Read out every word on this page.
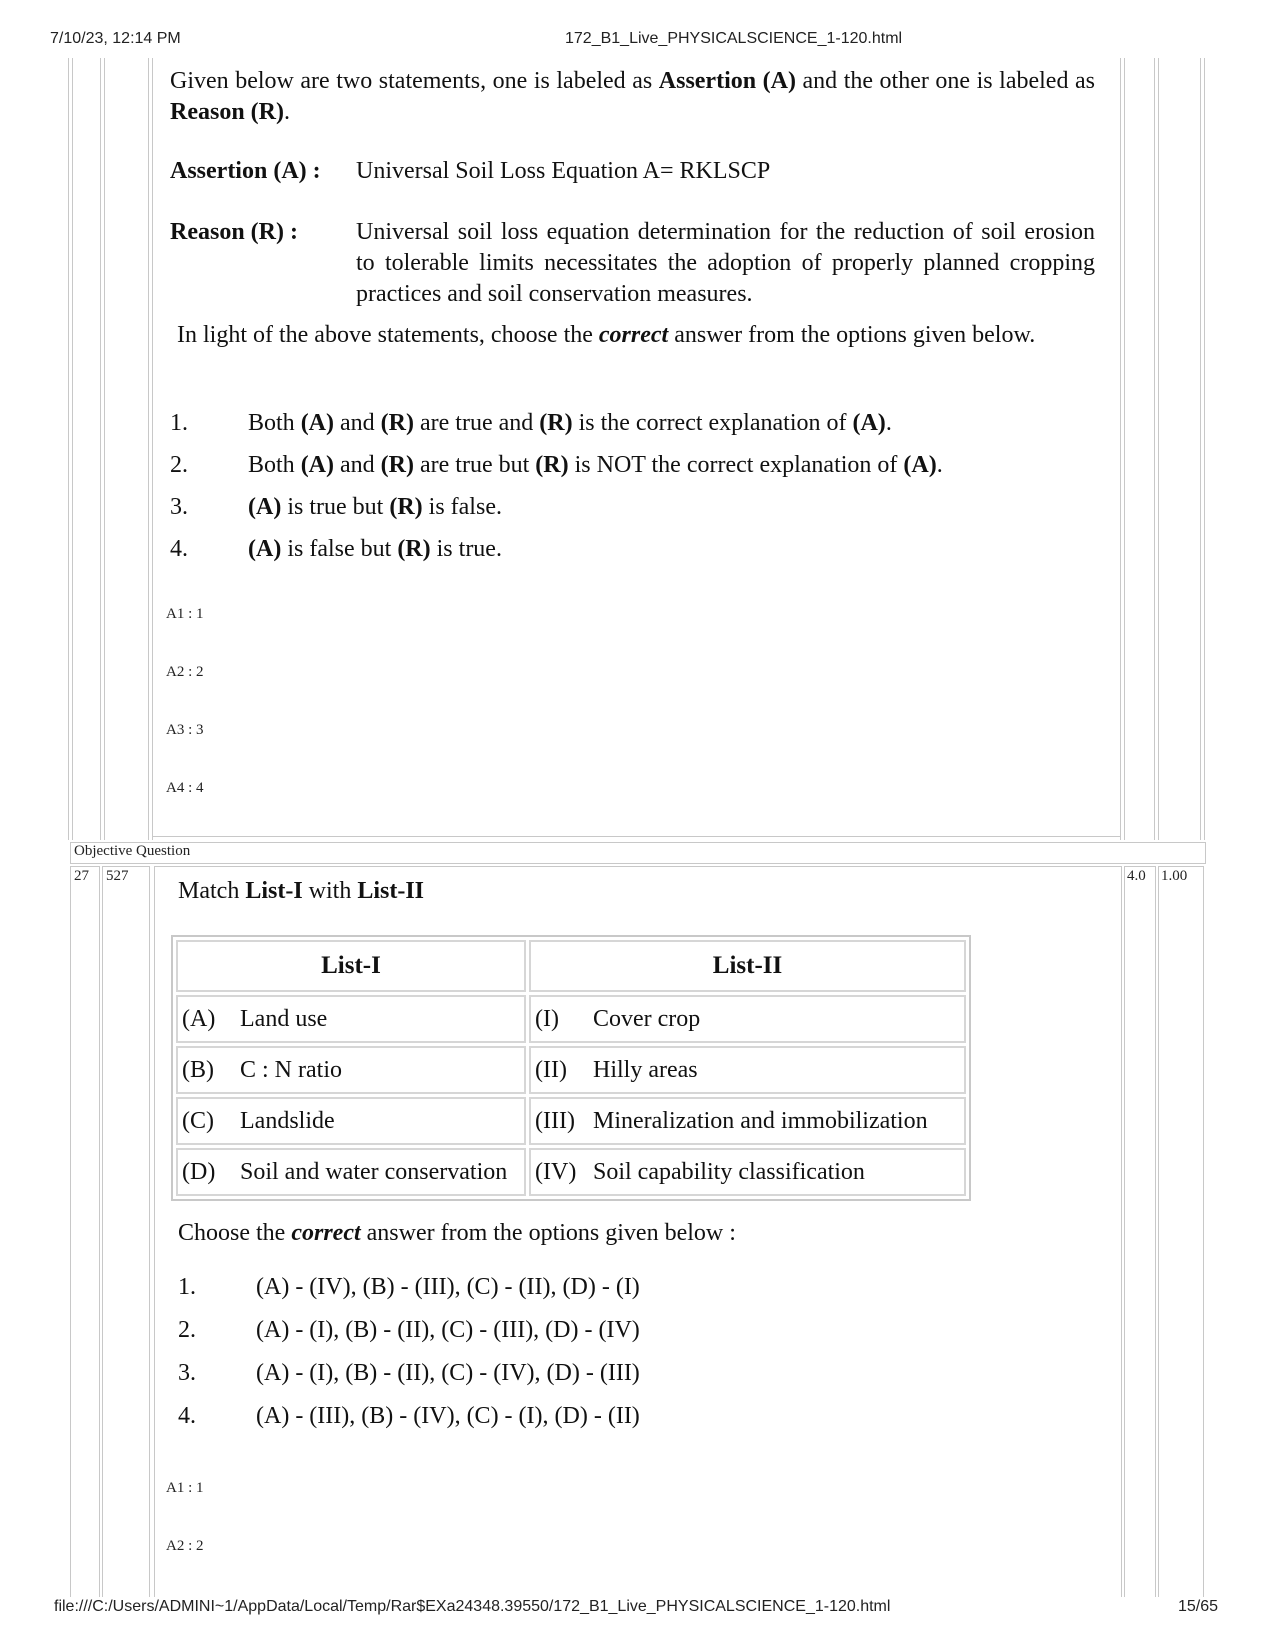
7/10/23, 12:14 PM	172_B1_Live_PHYSICALSCIENCE_1-120.html
Objective Question
27 527	4.0 1.00
Given below are two statements, one is labeled as Assertion (A) and the other one is labeled as Reason (R).
Assertion (A) : Universal Soil Loss Equation A= RKLSCP
Reason (R) : Universal soil loss equation determination for the reduction of soil erosion to tolerable limits necessitates the adoption of properly planned cropping practices and soil conservation measures.
In light of the above statements, choose the correct answer from the options given below.
1.	Both (A) and (R) are true and (R) is the correct explanation of (A).
2.	Both (A) and (R) are true but (R) is NOT the correct explanation of (A).
3.	(A) is true but (R) is false.
4.	(A) is false but (R) is true.
A1 : 1
A2 : 2
A3 : 3
A4 : 4
Match List-I with List-II
List-I	List-II
(A) Land use	(I) Cover crop
(B) C : N ratio	(II) Hilly areas
(C) Landslide	(III) Mineralization and immobilization
(D) Soil and water conservation	(IV) Soil capability classification
Choose the correct answer from the options given below :
1.	(A) - (IV), (B) - (III), (C) - (II), (D) - (I)
2.	(A) - (I), (B) - (II), (C) - (III), (D) - (IV)
3.	(A) - (I), (B) - (II), (C) - (IV), (D) - (III)
4.	(A) - (III), (B) - (IV), (C) - (I), (D) - (II)
A1 : 1
A2 : 2
file:///C:/Users/ADMINI~1/AppData/Local/Temp/Rar$EXa24348.39550/172_B1_Live_PHYSICALSCIENCE_1-120.html	15/65
